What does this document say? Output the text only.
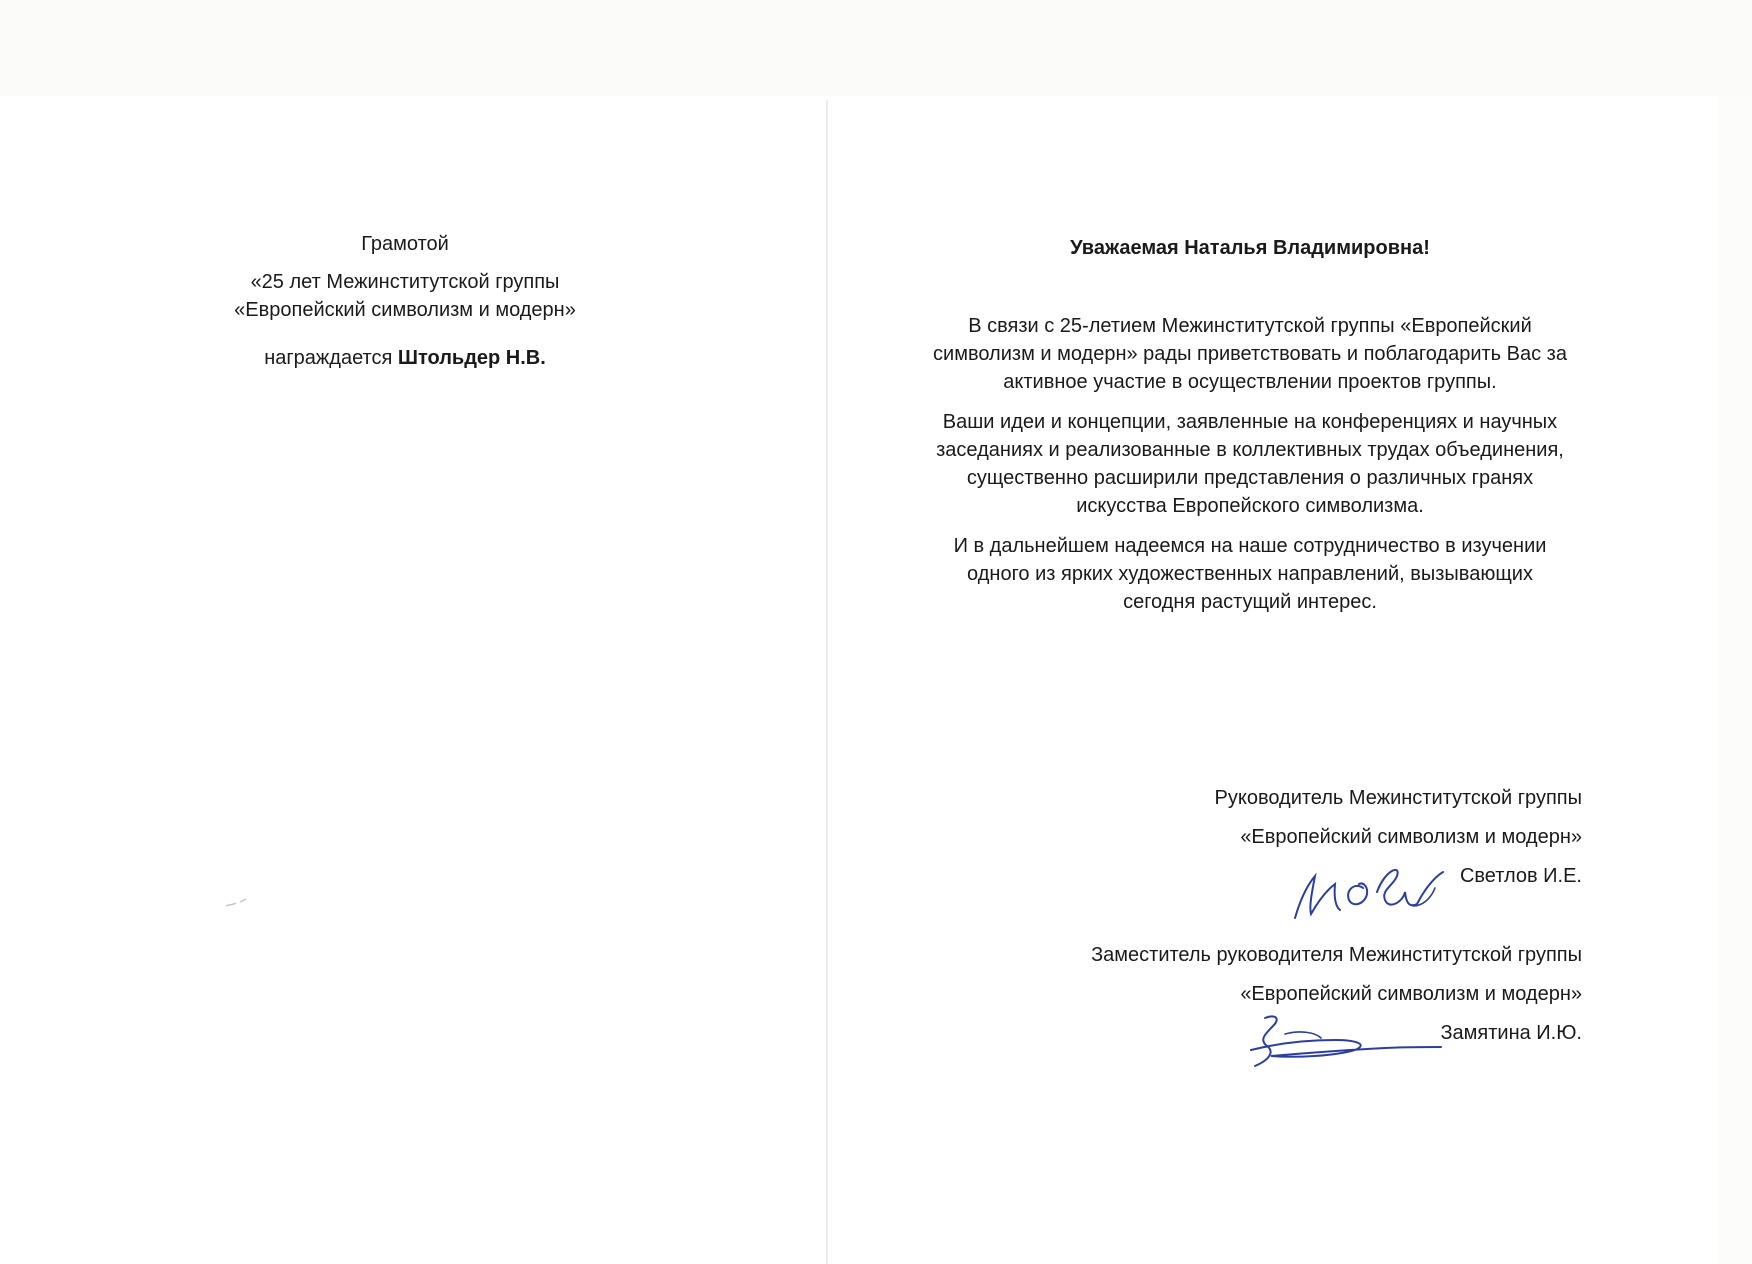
Грамотой

«25 лет Межинститутской группы

«Европейский символизм и модерн»

награждается Штольдер Н.В.

Уважаемая Наталья Владимировна!

В связи с 25-летием Межинститутской группы «Европейский
символизм и модерн» рады приветствовать и поблагодарить Вас за
активное участие в осуществлении проектов группы.
Ваши идеи и концепции, заявленные на конференциях и научных
заседаниях и реализованные в коллективных трудах объединения,
существенно расширили представления о различных гранях
искусства Европейского символизма.
И в дальнейшем надеемся на наше сотрудничество в изучении
одного из ярких художественных направлений, вызывающих
сегодня растущий интерес.

Руководитель Межинститутской группы

«Европейский символизм и модерн»

Светлов И.Е.

Заместитель руководителя Межинститутской группы

«Европейский символизм и модерн»

Замятина И.Ю.
